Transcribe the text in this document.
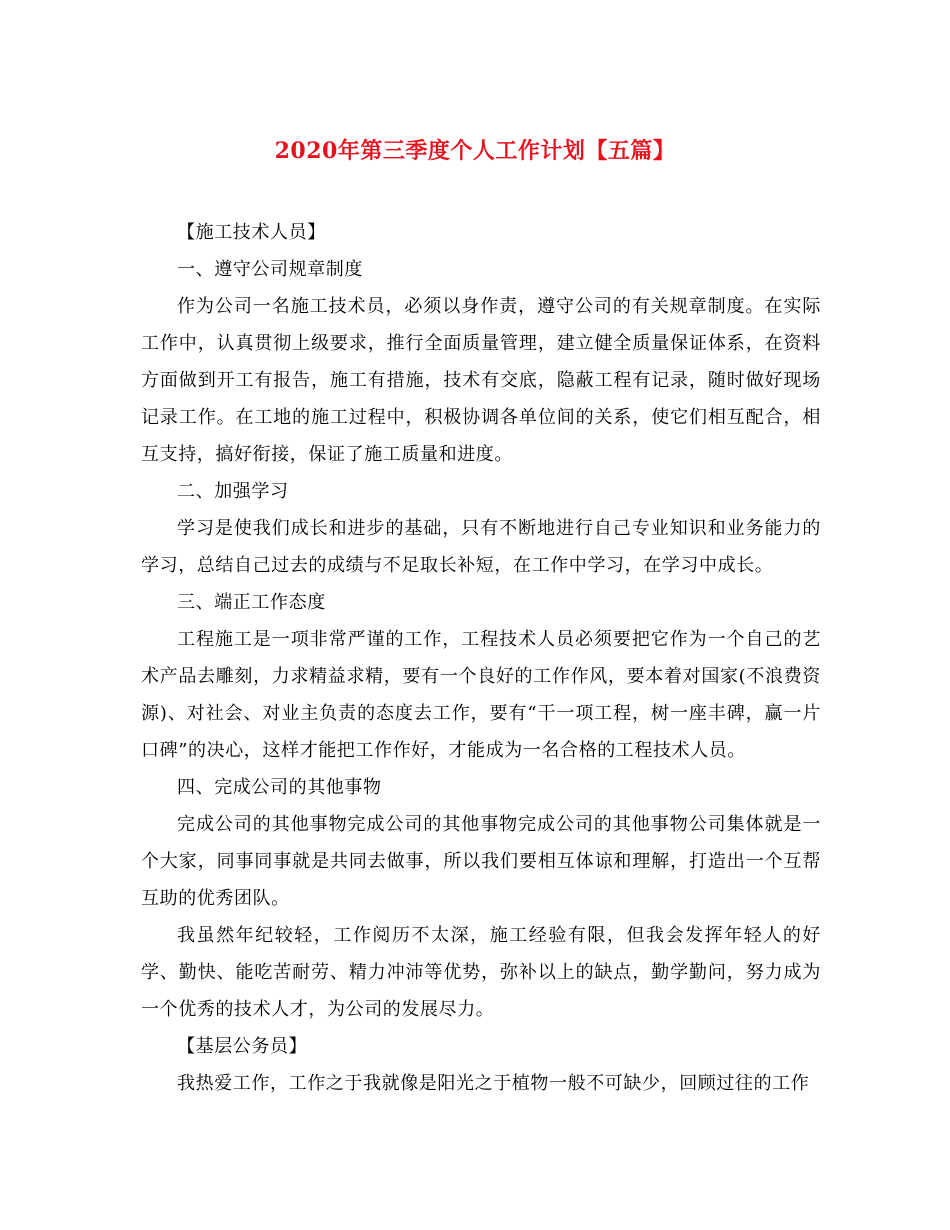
2020年第三季度个人工作计划【五篇】

【施工技术人员】

一、遵守公司规章制度

作为公司一名施工技术员，必须以身作责，遵守公司的有关规章制度。在实际工作中，认真贯彻上级要求，推行全面质量管理，建立健全质量保证体系，在资料方面做到开工有报告，施工有措施，技术有交底，隐蔽工程有记录，随时做好现场记录工作。在工地的施工过程中，积极协调各单位间的关系，使它们相互配合，相互支持，搞好衔接，保证了施工质量和进度。

二、加强学习

学习是使我们成长和进步的基础，只有不断地进行自己专业知识和业务能力的学习，总结自己过去的成绩与不足取长补短，在工作中学习，在学习中成长。

三、端正工作态度

工程施工是一项非常严谨的工作，工程技术人员必须要把它作为一个自己的艺术产品去雕刻，力求精益求精，要有一个良好的工作作风，要本着对国家(不浪费资源)、对社会、对业主负责的态度去工作，要有“干一项工程，树一座丰碑，赢一片口碑”的决心，这样才能把工作作好，才能成为一名合格的工程技术人员。

四、完成公司的其他事物

完成公司的其他事物完成公司的其他事物完成公司的其他事物公司集体就是一个大家，同事同事就是共同去做事，所以我们要相互体谅和理解，打造出一个互帮互助的优秀团队。

我虽然年纪较轻，工作阅历不太深，施工经验有限，但我会发挥年轻人的好学、勤快、能吃苦耐劳、精力冲沛等优势，弥补以上的缺点，勤学勤问，努力成为一个优秀的技术人才，为公司的发展尽力。

【基层公务员】

我热爱工作，工作之于我就像是阳光之于植物一般不可缺少，回顾过往的工作
